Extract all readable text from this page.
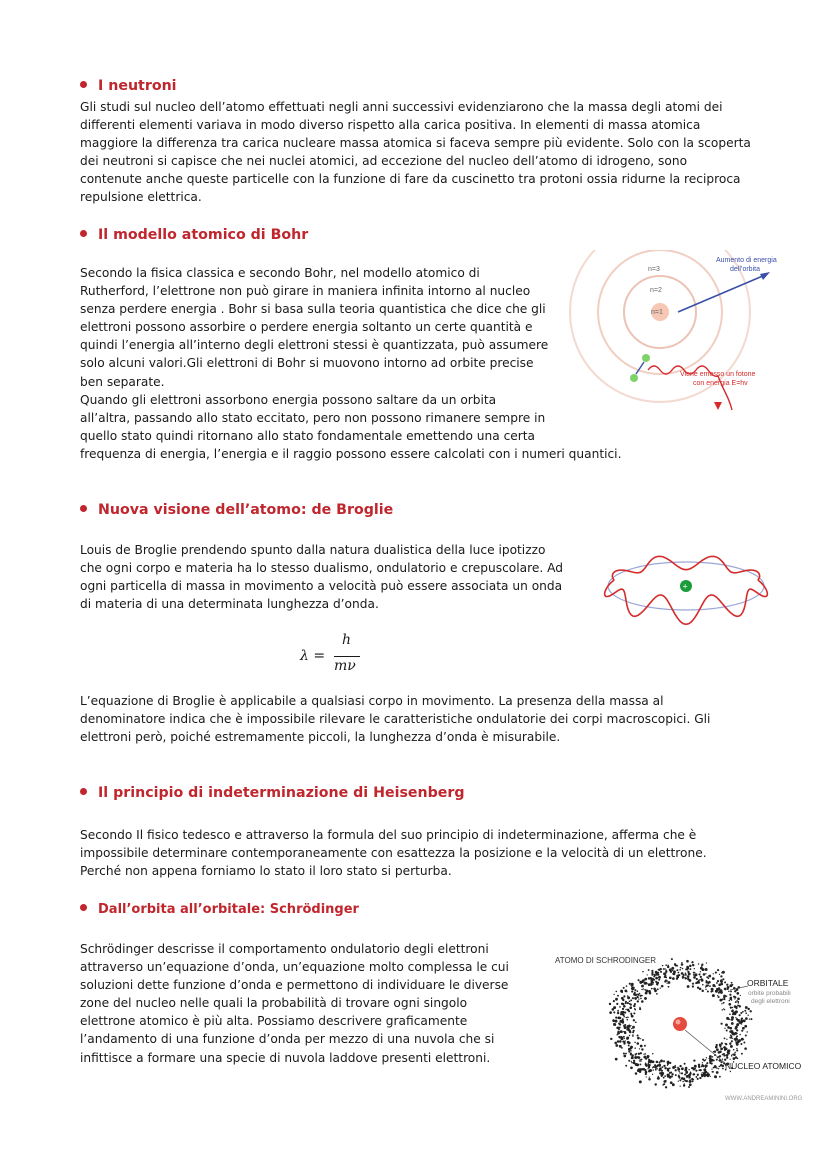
I neutroni
Gli studi sul nucleo dell’atomo effettuati negli anni successivi evidenziarono che la massa degli atomi dei
differenti elementi variava in modo diverso rispetto alla carica positiva. In elementi di massa atomica
maggiore la differenza tra carica nucleare massa atomica si faceva sempre più evidente. Solo con la scoperta
dei neutroni si capisce che nei nuclei atomici, ad eccezione del nucleo dell’atomo di idrogeno, sono
contenute anche queste particelle con la funzione di fare da cuscinetto tra protoni ossia ridurne la reciproca
repulsione elettrica.
Il modello atomico di Bohr
Secondo la fisica classica e secondo Bohr, nel modello atomico di
Rutherford, l’elettrone non può girare in maniera infinita intorno al nucleo
senza perdere energia . Bohr si basa sulla teoria quantistica che dice che gli
elettroni possono assorbire o perdere energia soltanto un certe quantità e
quindi l’energia all’interno degli elettroni stessi è quantizzata, può assumere
solo alcuni valori.Gli elettroni di Bohr si muovono intorno ad orbite precise
ben separate.
Quando gli elettroni assorbono energia possono saltare da un orbita
all’altra, passando allo stato eccitato, pero non possono rimanere sempre in
quello stato quindi ritornano allo stato fondamentale emettendo una certa
frequenza di energia, l’energia e il raggio possono essere calcolati con i numeri quantici.
n=3
n=2
n=1
Aumento di energia
dell’orbita
Viene emesso un fotone
con energia E=hv
Nuova visione dell’atomo: de Broglie
Louis de Broglie prendendo spunto dalla natura dualistica della luce ipotizzo
che ogni corpo e materia ha lo stesso dualismo, ondulatorio e crepuscolare. Ad
ogni particella di massa in movimento a velocità può essere associata un onda
di materia di una determinata lunghezza d’onda.
+
λ =
h
mν
L’equazione di Broglie è applicabile a qualsiasi corpo in movimento. La presenza della massa al
denominatore indica che è impossibile rilevare le caratteristiche ondulatorie dei corpi macroscopici. Gli
elettroni però, poiché estremamente piccoli, la lunghezza d’onda è misurabile.
Il principio di indeterminazione di Heisenberg
Secondo Il fisico tedesco e attraverso la formula del suo principio di indeterminazione, afferma che è
impossibile determinare contemporaneamente con esattezza la posizione e la velocità di un elettrone.
Perché non appena forniamo lo stato il loro stato si perturba.
Dall’orbita all’orbitale: Schrödinger
Schrödinger descrisse il comportamento ondulatorio degli elettroni
attraverso un’equazione d’onda, un’equazione molto complessa le cui
soluzioni dette funzione d’onda e permettono di individuare le diverse
zone del nucleo nelle quali la probabilità di trovare ogni singolo
elettrone atomico è più alta. Possiamo descrivere graficamente
l’andamento di una funzione d’onda per mezzo di una nuvola che si
infittisce a formare una specie di nuvola laddove presenti elettroni.
ATOMO DI SCHRODINGER
ORBITALE
orbite probabili
degli elettroni
NUCLEO ATOMICO
WWW.ANDREAMININI.ORG
